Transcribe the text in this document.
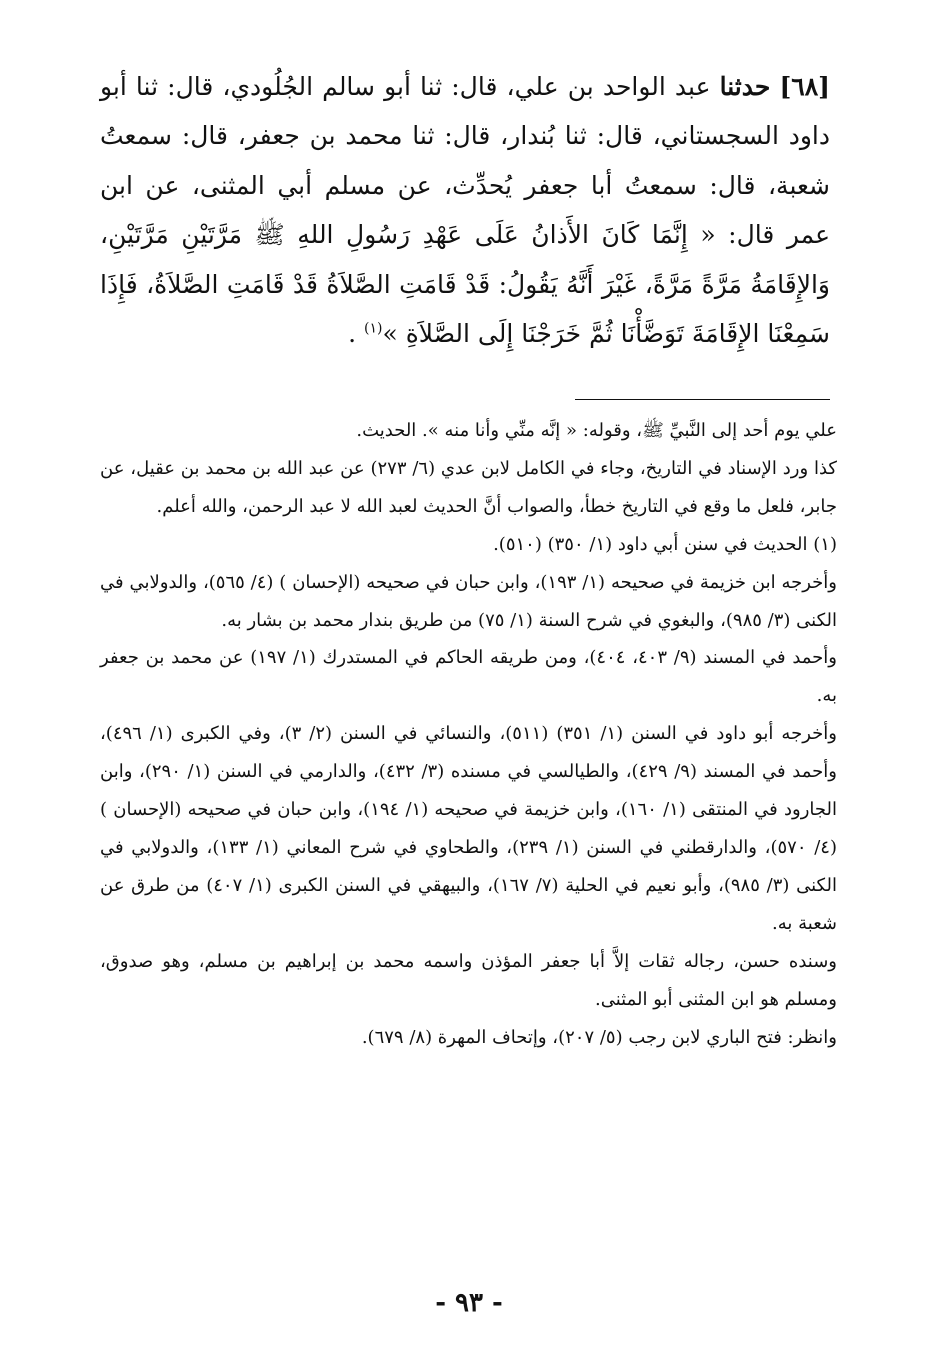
[٦٨] حدثنا عبد الواحد بن علي، قال: ثنا أبو سالم الجُلُودي، قال: ثنا أبو داود السجستاني، قال: ثنا بُندار، قال: ثنا محمد بن جعفر، قال: سمعتُ شعبة، قال: سمعتُ أبا جعفر يُحدِّث، عن مسلم أبي المثنى، عن ابن عمر قال: « إِنَّمَا كَانَ الأَذانُ عَلَى عَهْدِ رَسُولِ اللهِ ﷺ مَرَّتَيْنِ مَرَّتَيْنِ، وَالإِقَامَةُ مَرَّةً مَرَّةً، غَيْرَ أَنَّهُ يَقُولُ: قَدْ قَامَتِ الصَّلاَةُ قَدْ قَامَتِ الصَّلاَةُ، فَإِذَا سَمِعْنَا الإِقَامَةَ تَوَضَّأْنَا ثُمَّ خَرَجْنَا إِلَى الصَّلاَةِ »$^{(١)}$ .

علي يوم أحد إلى النَّبيِّ ﷺ، وقوله: « إنَّه منِّي وأنا منه ». الحديث.

كذا ورد الإسناد في التاريخ، وجاء في الكامل لابن عدي (٦/ ٢٧٣) عن عبد الله بن محمد بن عقيل، عن جابر، فلعل ما وقع في التاريخ خطأ، والصواب أنَّ الحديث لعبد الله لا عبد الرحمن، والله أعلم.

(١) الحديث في سنن أبي داود (١/ ٣٥٠) (٥١٠).

وأخرجه ابن خزيمة في صحيحه (١/ ١٩٣)، وابن حبان في صحيحه (الإحسان ) (٤/ ٥٦٥)، والدولابي في الكنى (٣/ ٩٨٥)، والبغوي في شرح السنة (١/ ٧٥) من طريق بندار محمد بن بشار به.

وأحمد في المسند (٩/ ٤٠٣، ٤٠٤)، ومن طريقه الحاكم في المستدرك (١/ ١٩٧) عن محمد بن جعفر به.

وأخرجه أبو داود في السنن (١/ ٣٥١) (٥١١)، والنسائي في السنن (٢/ ٣)، وفي الكبرى (١/ ٤٩٦)، وأحمد في المسند (٩/ ٤٢٩)، والطيالسي في مسنده (٣/ ٤٣٢)، والدارمي في السنن (١/ ٢٩٠)، وابن الجارود في المنتقى (١/ ١٦٠)، وابن خزيمة في صحيحه (١/ ١٩٤)، وابن حبان في صحيحه (الإحسان ) (٤/ ٥٧٠)، والدارقطني في السنن (١/ ٢٣٩)، والطحاوي في شرح المعاني (١/ ١٣٣)، والدولابي في الكنى (٣/ ٩٨٥)، وأبو نعيم في الحلية (٧/ ١٦٧)، والبيهقي في السنن الكبرى (١/ ٤٠٧) من طرق عن شعبة به.

وسنده حسن، رجاله ثقات إلاَّ أبا جعفر المؤذن واسمه محمد بن إبراهيم بن مسلم، وهو صدوق، ومسلم هو ابن المثنى أبو المثنى.

وانظر: فتح الباري لابن رجب (٥/ ٢٠٧)، وإتحاف المهرة (٨/ ٦٧٩).

- ٩٣ -
